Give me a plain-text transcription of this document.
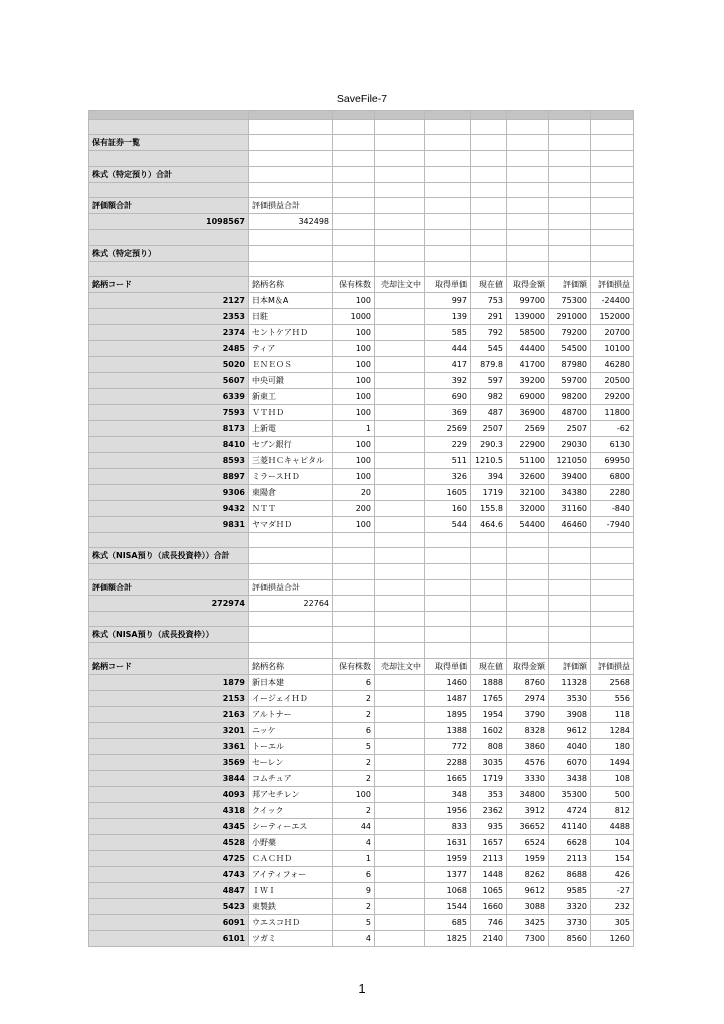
SaveFile-7

保有証券一覧								

株式（特定預り）合計								

評価額合計	評価損益合計							
1098567	342498							

株式（特定預り）								

銘柄コード	銘柄名称	保有株数	売却注文中	取得単価	現在値	取得金額	評価額	評価損益
2127	日本M＆A	100		997	753	99700	75300	-24400
2353	日駐	1000		139	291	139000	291000	152000
2374	セントケアＨＤ	100		585	792	58500	79200	20700
2485	ティア	100		444	545	44400	54500	10100
5020	ＥＮＥＯＳ	100		417	879.8	41700	87980	46280
5607	中央可鍛	100		392	597	39200	59700	20500
6339	新東工	100		690	982	69000	98200	29200
7593	ＶＴＨＤ	100		369	487	36900	48700	11800
8173	上新電	1		2569	2507	2569	2507	-62
8410	セブン銀行	100		229	290.3	22900	29030	6130
8593	三菱ＨＣキャピタル	100		511	1210.5	51100	121050	69950
8897	ミラースＨＤ	100		326	394	32600	39400	6800
9306	東陽倉	20		1605	1719	32100	34380	2280
9432	ＮＴＴ	200		160	155.8	32000	31160	-840
9831	ヤマダＨＤ	100		544	464.6	54400	46460	-7940

株式（NISA預り（成長投資枠））合計								

評価額合計	評価損益合計							
272974	22764							

株式（NISA預り（成長投資枠））								

銘柄コード	銘柄名称	保有株数	売却注文中	取得単価	現在値	取得金額	評価額	評価損益
1879	新日本建	6		1460	1888	8760	11328	2568
2153	イージェイＨＤ	2		1487	1765	2974	3530	556
2163	アルトナー	2		1895	1954	3790	3908	118
3201	ニッケ	6		1388	1602	8328	9612	1284
3361	トーエル	5		772	808	3860	4040	180
3569	セーレン	2		2288	3035	4576	6070	1494
3844	コムチュア	2		1665	1719	3330	3438	108
4093	邦アセチレン	100		348	353	34800	35300	500
4318	クイック	2		1956	2362	3912	4724	812
4345	シーティーエス	44		833	935	36652	41140	4488
4528	小野薬	4		1631	1657	6524	6628	104
4725	ＣＡＣＨＤ	1		1959	2113	1959	2113	154
4743	アイティフォー	6		1377	1448	8262	8688	426
4847	ＩＷＩ	9		1068	1065	9612	9585	-27
5423	東製鉄	2		1544	1660	3088	3320	232
6091	ウエスコＨＤ	5		685	746	3425	3730	305
6101	ツガミ	4		1825	2140	7300	8560	1260
1
